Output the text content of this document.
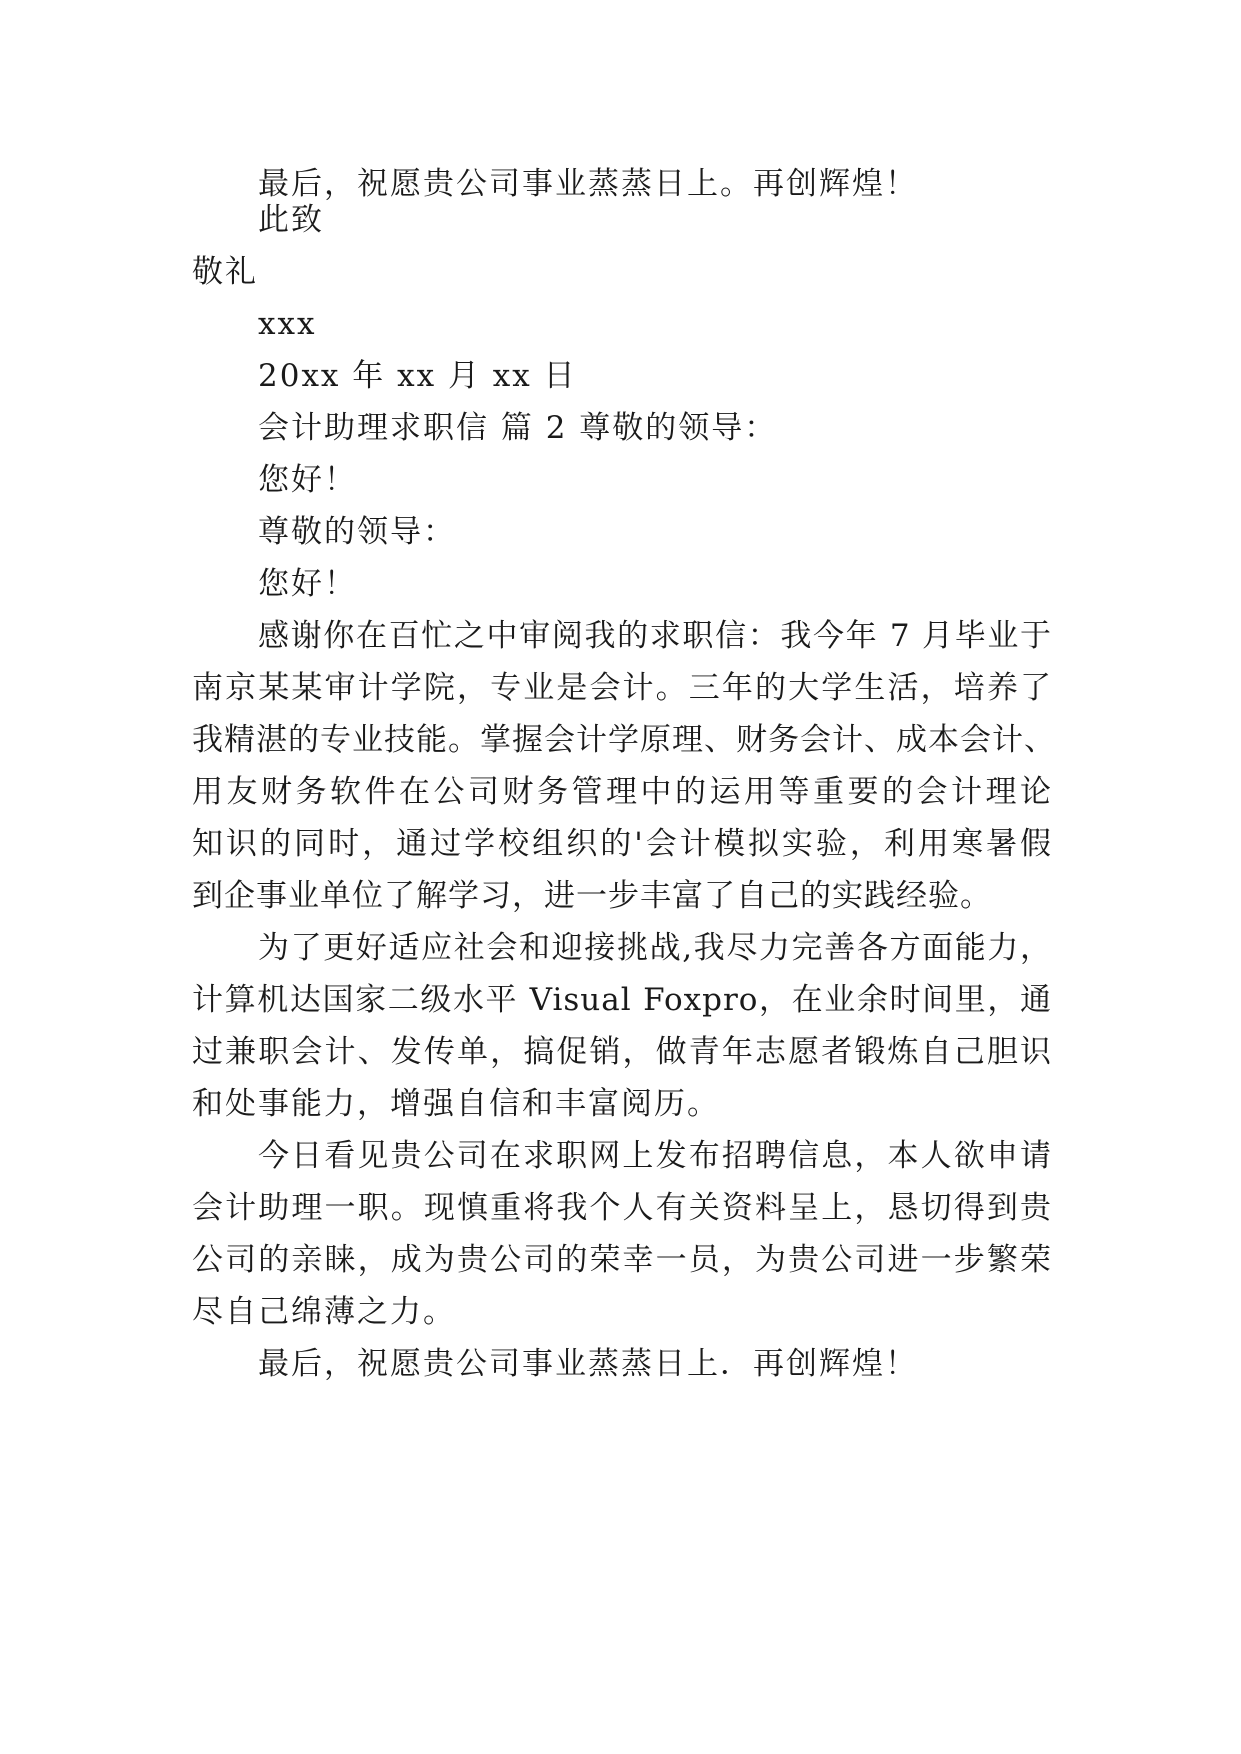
最后，祝愿贵公司事业蒸蒸日上。再创辉煌！
此致
敬礼
xxx
20xx 年 xx 月 xx 日
会计助理求职信 篇 2 尊敬的领导：
您好！
尊敬的领导：
您好！
感谢你在百忙之中审阅我的求职信：我今年 7 月毕业于
南京某某审计学院，专业是会计。三年的大学生活，培养了
我精湛的专业技能。掌握会计学原理、财务会计、成本会计、
用友财务软件在公司财务管理中的运用等重要的会计理论
知识的同时，通过学校组织的'会计模拟实验，利用寒暑假
到企事业单位了解学习，进一步丰富了自己的实践经验。
为了更好适应社会和迎接挑战,我尽力完善各方面能力，
计算机达国家二级水平 Visual Foxpro，在业余时间里，通
过兼职会计、发传单，搞促销，做青年志愿者锻炼自己胆识
和处事能力，增强自信和丰富阅历。
今日看见贵公司在求职网上发布招聘信息，本人欲申请
会计助理一职。现慎重将我个人有关资料呈上，恳切得到贵
公司的亲睐，成为贵公司的荣幸一员，为贵公司进一步繁荣
尽自己绵薄之力。
最后，祝愿贵公司事业蒸蒸日上．再创辉煌！
